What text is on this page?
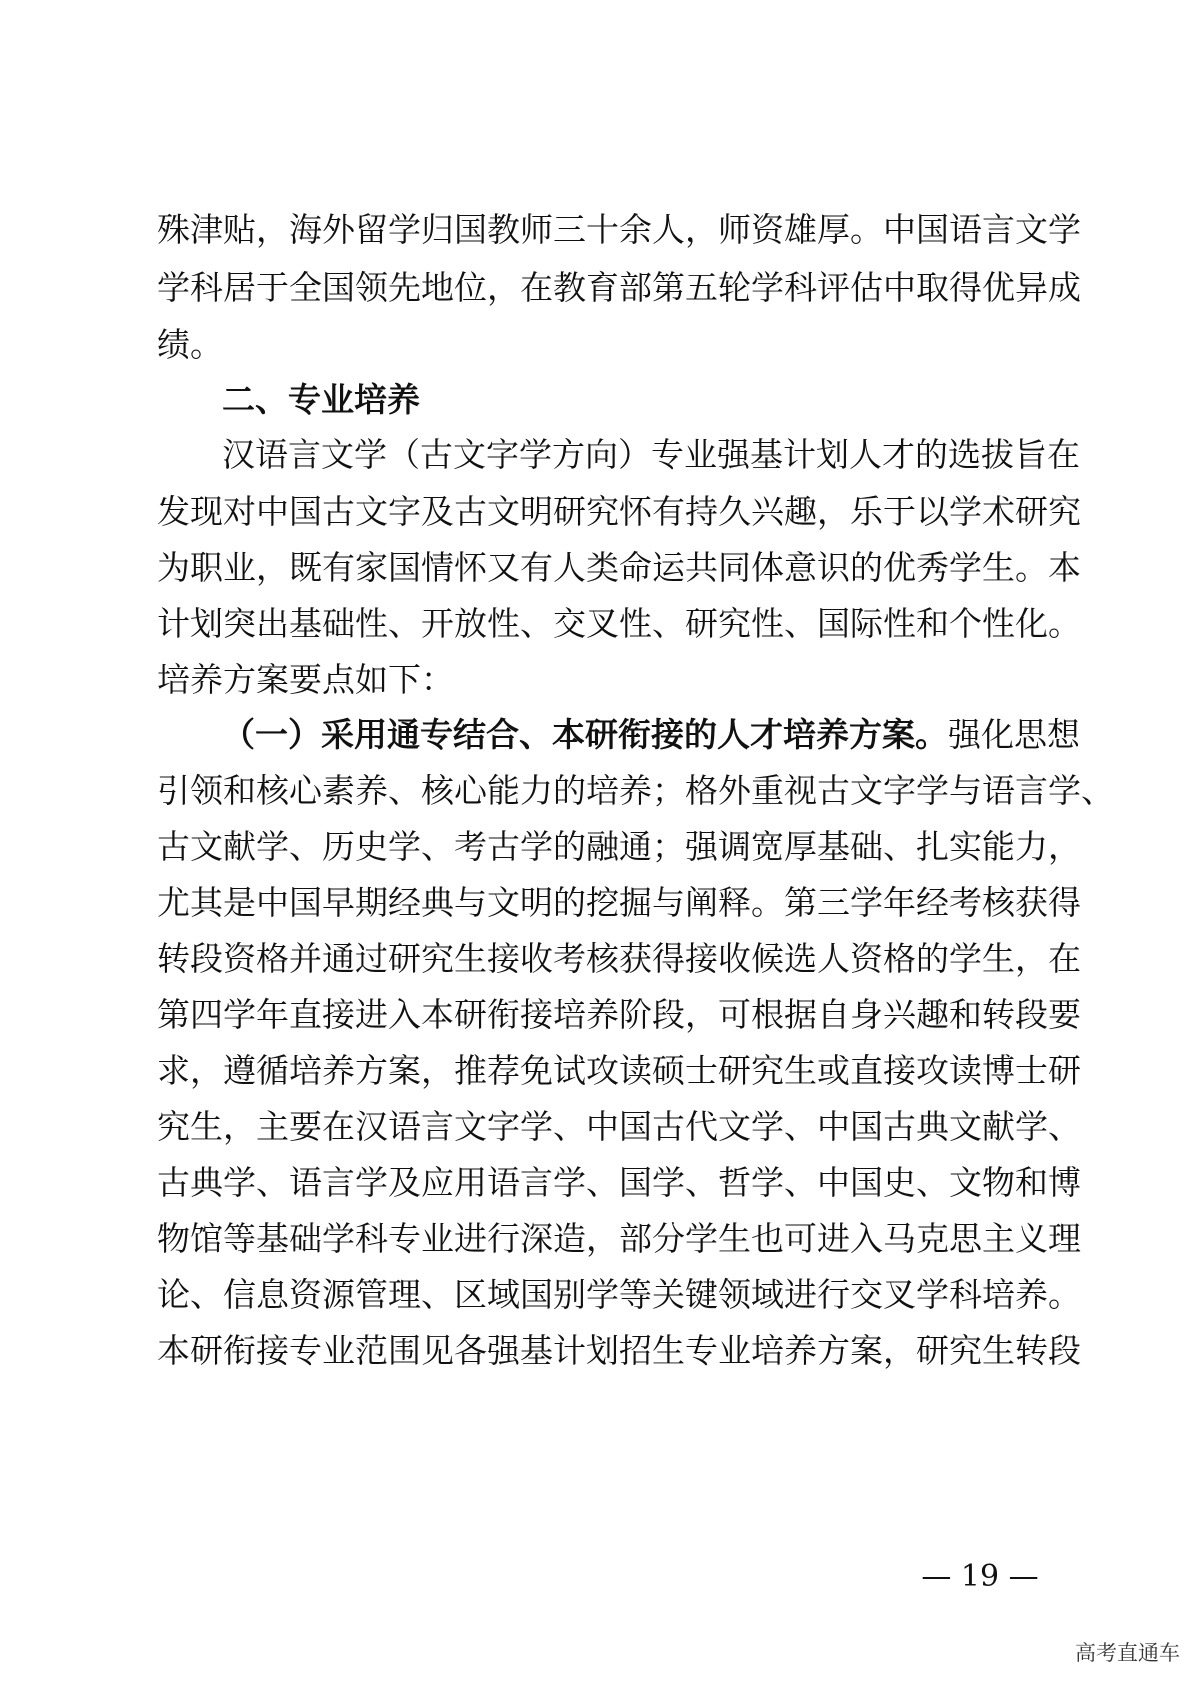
殊津贴，海外留学归国教师三十余人，师资雄厚。中国语言文学
学科居于全国领先地位，在教育部第五轮学科评估中取得优异成
绩。
二、专业培养
汉语言文学（古文字学方向）专业强基计划人才的选拔旨在
发现对中国古文字及古文明研究怀有持久兴趣，乐于以学术研究
为职业，既有家国情怀又有人类命运共同体意识的优秀学生。本
计划突出基础性、开放性、交叉性、研究性、国际性和个性化。
培养方案要点如下：
（一）采用通专结合、本研衔接的人才培养方案。强化思想
引领和核心素养、核心能力的培养；格外重视古文字学与语言学、
古文献学、历史学、考古学的融通；强调宽厚基础、扎实能力，
尤其是中国早期经典与文明的挖掘与阐释。第三学年经考核获得
转段资格并通过研究生接收考核获得接收候选人资格的学生，在
第四学年直接进入本研衔接培养阶段，可根据自身兴趣和转段要
求，遵循培养方案，推荐免试攻读硕士研究生或直接攻读博士研
究生，主要在汉语言文字学、中国古代文学、中国古典文献学、
古典学、语言学及应用语言学、国学、哲学、中国史、文物和博
物馆等基础学科专业进行深造，部分学生也可进入马克思主义理
论、信息资源管理、区域国别学等关键领域进行交叉学科培养。
本研衔接专业范围见各强基计划招生专业培养方案，研究生转段
— 19 —
高考直通车
